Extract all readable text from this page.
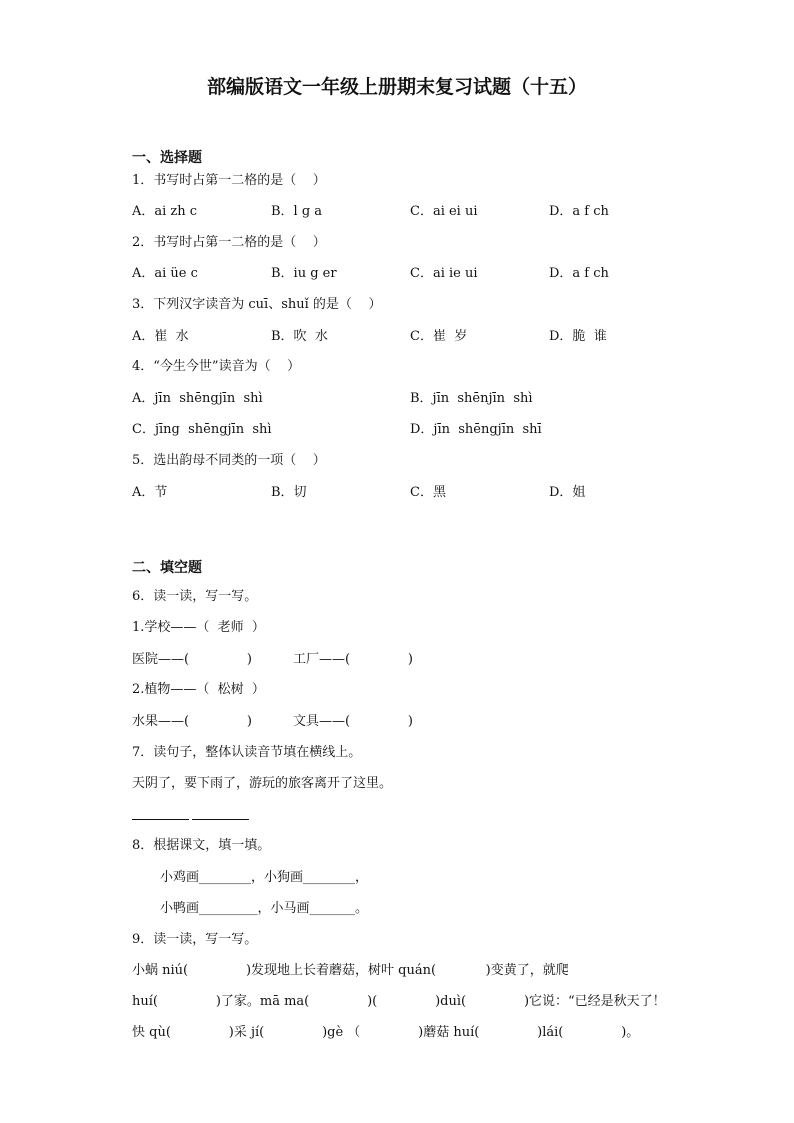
部编版语文一年级上册期末复习试题（十五）
一、选择题
1．书写时占第一二格的是（    ）
A．ai zh c	B．l g a	C．ai ei ui	D．a f ch
2．书写时占第一二格的是（    ）
A．ai üe c	B．iu g er	C．ai ie ui	D．a f ch
3．下列汉字读音为 cuī、shuǐ 的是（    ）
A．崔  水	B．吹  水	C．崔  岁	D．脆  谁
4．“今生今世”读音为（    ）
A．jīn  shēngjīn  shì	B．jīn  shēnjīn  shì
C．jīng  shēngjīn  shì	D．jīn  shēngjīn  shī
5．选出韵母不同类的一项（    ）
A．节	B．切	C．黑	D．姐
二、填空题
6．读一读，写一写。
1.学校——（  老师  ）
医院——(              )	工厂——(              )
2.植物——（  松树  ）
水果——(              )	文具——(              )
7．读句子，整体认读音节填在横线上。
天阴了，要下雨了，游玩的旅客离开了这里。
8．根据课文，填一填。
小鸡画________，小狗画________，
小鸭画_________，小马画_______。
9．读一读，写一写。
小蜗 niú(              )发现地上长着蘑菇，树叶 quán(            )变黄了，就爬
huí(              )了家。mā ma(              )(              )duì(              )它说：“已经是秋天了！
快 qù(              )采 jí(              )gè （              )蘑菇 huí(              )lái(              )。
